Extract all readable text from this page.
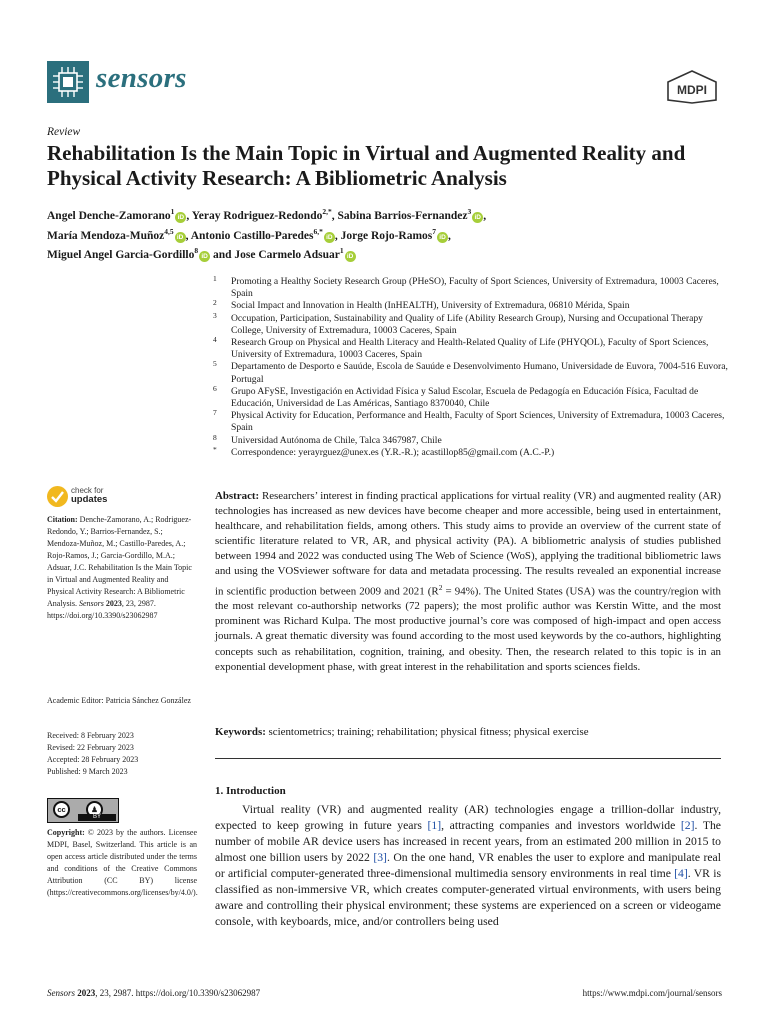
sensors	MDPI
Review
Rehabilitation Is the Main Topic in Virtual and Augmented Reality and Physical Activity Research: A Bibliometric Analysis
Angel Denche-Zamorano$^1$iD , Yeray Rodriguez-Redondo$^{2,*}$, Sabina Barrios-Fernandez$^3$iD ,
María Mendoza-Muñoz$^{4,5}$iD , Antonio Castillo-Paredes$^{6,*}$iD , Jorge Rojo-Ramos$^7$iD ,
Miguel Angel Garcia-Gordillo$^8$iD and Jose Carmelo Adsuar$^1$iD
1 Promoting a Healthy Society Research Group (PHeSO), Faculty of Sport Sciences, University of Extremadura, 10003 Caceres, Spain
2 Social Impact and Innovation in Health (InHEALTH), University of Extremadura, 06810 Mérida, Spain
3 Occupation, Participation, Sustainability and Quality of Life (Ability Research Group), Nursing and Occupational Therapy College, University of Extremadura, 10003 Caceres, Spain
4 Research Group on Physical and Health Literacy and Health-Related Quality of Life (PHYQOL), Faculty of Sport Sciences, University of Extremadura, 10003 Caceres, Spain
5 Departamento de Desporto e Sauúde, Escola de Sauúde e Desenvolvimento Humano, Universidade de Euvora, 7004-516 Euvora, Portugal
6 Grupo AFySE, Investigación en Actividad Física y Salud Escolar, Escuela de Pedagogía en Educación Física, Facultad de Educación, Universidad de Las Américas, Santiago 8370040, Chile
7 Physical Activity for Education, Performance and Health, Faculty of Sport Sciences, University of Extremadura, 10003 Caceres, Spain
8 Universidad Autónoma de Chile, Talca 3467987, Chile
* Correspondence: yerayrguez@unex.es (Y.R.-R.); acastillop85@gmail.com (A.C.-P.)
check for
updates
Citation: Denche-Zamorano, A.; Rodriguez-Redondo, Y.; Barrios-Fernandez, S.; Mendoza-Muñoz, M.; Castillo-Paredes, A.; Rojo-Ramos, J.; Garcia-Gordillo, M.A.; Adsuar, J.C. Rehabilitation Is the Main Topic in Virtual and Augmented Reality and Physical Activity Research: A Bibliometric Analysis. Sensors 2023, 23, 2987. https://doi.org/10.3390/s23062987
Academic Editor: Patricia Sánchez González
Received: 8 February 2023
Revised: 22 February 2023
Accepted: 28 February 2023
Published: 9 March 2023
cc	♟
BY
Copyright: © 2023 by the authors. Licensee MDPI, Basel, Switzerland. This article is an open access article distributed under the terms and conditions of the Creative Commons Attribution (CC BY) license (https://creativecommons.org/licenses/by/4.0/).
Abstract: Researchers’ interest in finding practical applications for virtual reality (VR) and augmented reality (AR) technologies has increased as new devices have become cheaper and more accessible, being used in entertainment, healthcare, and rehabilitation fields, among others. This study aims to provide an overview of the current state of scientific literature related to VR, AR, and physical activity (PA). A bibliometric analysis of studies published between 1994 and 2022 was conducted using The Web of Science (WoS), applying the traditional bibliometric laws and using the VOSviewer software for data and metadata processing. The results revealed an exponential increase in scientific production between 2009 and 2021 $(R^2 = 94\%)$. The United States (USA) was the country/region with the most relevant co-authorship networks (72 papers); the most prolific author was Kerstin Witte, and the most prominent was Richard Kulpa. The most productive journal’s core was composed of high-impact and open access journals. A great thematic diversity was found according to the most used keywords by the co-authors, highlighting concepts such as rehabilitation, cognition, training, and obesity. Then, the research related to this topic is in an exponential development phase, with great interest in the rehabilitation and sports sciences fields.
Keywords: scientometrics; training; rehabilitation; physical fitness; physical exercise
1. Introduction
Virtual reality (VR) and augmented reality (AR) technologies engage a trillion-dollar industry, expected to keep growing in future years [1], attracting companies and investors worldwide [2]. The number of mobile AR device users has increased in recent years, from an estimated 200 million in 2015 to almost one billion users by 2022 [3]. On the one hand, VR enables the user to explore and manipulate real or artificial computer-generated three-dimensional multimedia sensory environments in real time [4]. VR is classified as non-immersive VR, which creates computer-generated virtual environments, with users being aware and controlling their physical environment; these systems are experienced on a screen or videogame console, with keyboards, mice, and/or controllers being used
Sensors 2023, 23, 2987. https://doi.org/10.3390/s23062987	https://www.mdpi.com/journal/sensors
